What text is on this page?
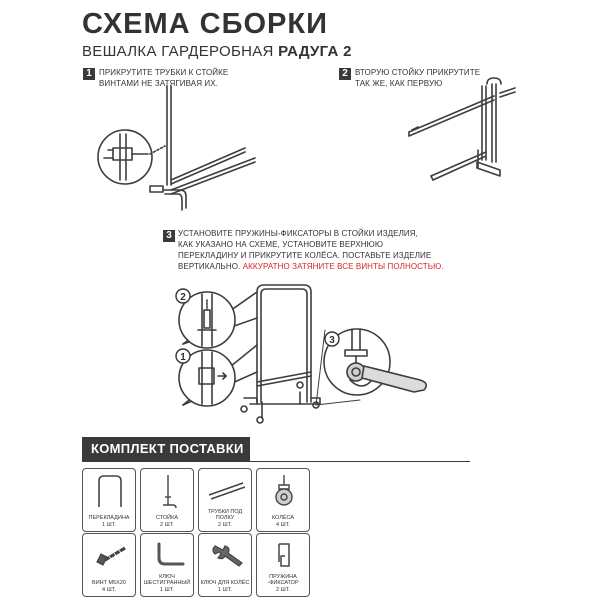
СХЕМА СБОРКИ

ВЕШАЛКА ГАРДЕРОБНАЯ РАДУГА 2

1 ПРИКРУТИТЕ ТРУБКИ К СТОЙКЕ
ВИНТАМИ НЕ ЗАТЯГИВАЯ ИХ.
2 ВТОРУЮ СТОЙКУ ПРИКРУТИТЕ
ТАК ЖЕ, КАК ПЕРВУЮ
3 УСТАНОВИТЕ ПРУЖИНЫ-ФИКСАТОРЫ В СТОЙКИ ИЗДЕЛИЯ,
КАК УКАЗАНО НА СХЕМЕ, УСТАНОВИТЕ ВЕРХНЮЮ
ПЕРЕКЛАДИНУ И ПРИКРУТИТЕ КОЛЁСА. ПОСТАВЬТЕ ИЗДЕЛИЕ
ВЕРТИКАЛЬНО. АККУРАТНО ЗАТЯНИТЕ ВСЕ ВИНТЫ ПОЛНОСТЬЮ.
2
1
3
КОМПЛЕКТ ПОСТАВКИ
ПЕРЕКЛАДИНА
1 ШТ.
СТОЙКА
2 ШТ.
ТРУБКИ ПОД ПОЛКУ
2 ШТ.
КОЛЁСА
4 ШТ.
ВИНТ М5Х20
4 ШТ.
КЛЮЧ ШЕСТИГРАННЫЙ
1 ШТ.
КЛЮЧ ДЛЯ КОЛЁС
1 ШТ.
ПРУЖИНА -ФИКСАТОР
2 ШТ.
